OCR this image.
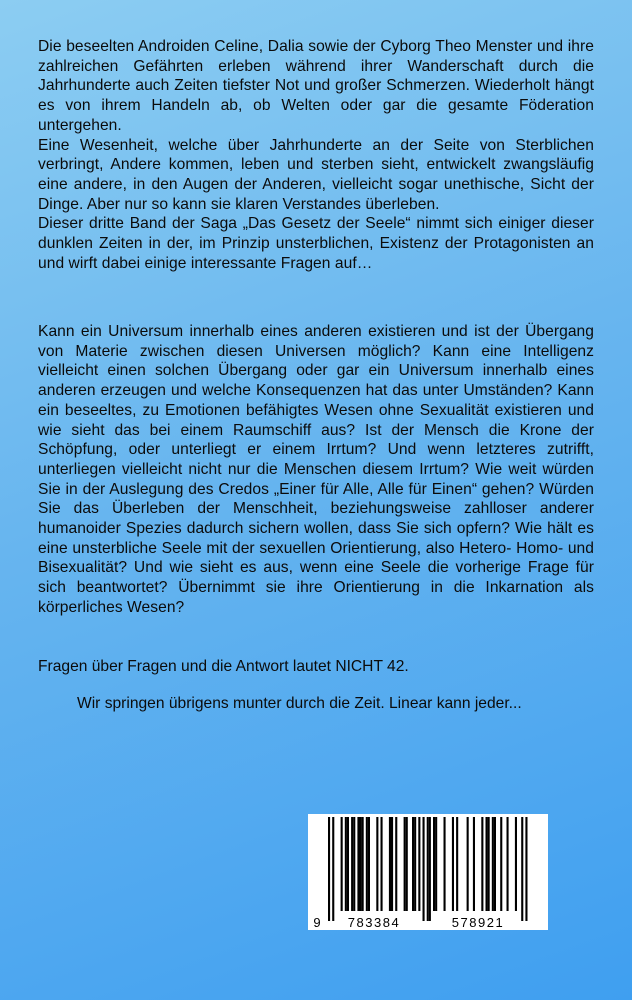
Die beseelten Androiden Celine, Dalia sowie der Cyborg Theo Menster und ihre zahlreichen Gefährten erleben während ihrer Wanderschaft durch die Jahrhunderte auch Zeiten tiefster Not und großer Schmerzen. Wiederholt hängt es von ihrem Handeln ab, ob Welten oder gar die gesamte Föderation untergehen.

Eine Wesenheit, welche über Jahrhunderte an der Seite von Sterblichen verbringt, Andere kommen, leben und sterben sieht, entwickelt zwangsläufig eine andere, in den Augen der Anderen, vielleicht sogar unethische, Sicht der Dinge. Aber nur so kann sie klaren Verstandes überleben.

Dieser dritte Band der Saga „Das Gesetz der Seele“ nimmt sich einiger dieser dunklen Zeiten in der, im Prinzip unsterblichen, Existenz der Protagonisten an und wirft dabei einige interessante Fragen auf…

Kann ein Universum innerhalb eines anderen existieren und ist der Übergang von Materie zwischen diesen Universen möglich? Kann eine Intelligenz vielleicht einen solchen Übergang oder gar ein Universum innerhalb eines anderen erzeugen und welche Konsequenzen hat das unter Umständen? Kann ein beseeltes, zu Emotionen befähigtes Wesen ohne Sexualität existieren und wie sieht das bei einem Raumschiff aus? Ist der Mensch die Krone der Schöpfung, oder unterliegt er einem Irrtum? Und wenn letzteres zutrifft, unterliegen vielleicht nicht nur die Menschen diesem Irrtum? Wie weit würden Sie in der Auslegung des Credos „Einer für Alle, Alle für Einen“ gehen? Würden Sie das Überleben der Menschheit, beziehungsweise zahlloser anderer humanoider Spezies dadurch sichern wollen, dass Sie sich opfern? Wie hält es eine unsterbliche Seele mit der sexuellen Orientierung, also Hetero- Homo- und Bisexualität? Und wie sieht es aus, wenn eine Seele die vorherige Frage für sich beantwortet? Übernimmt sie ihre Orientierung in die Inkarnation als körperliches Wesen?

Fragen über Fragen und die Antwort lautet NICHT 42.
Wir springen übrigens munter durch die Zeit. Linear kann jeder...
9 783384	578921
